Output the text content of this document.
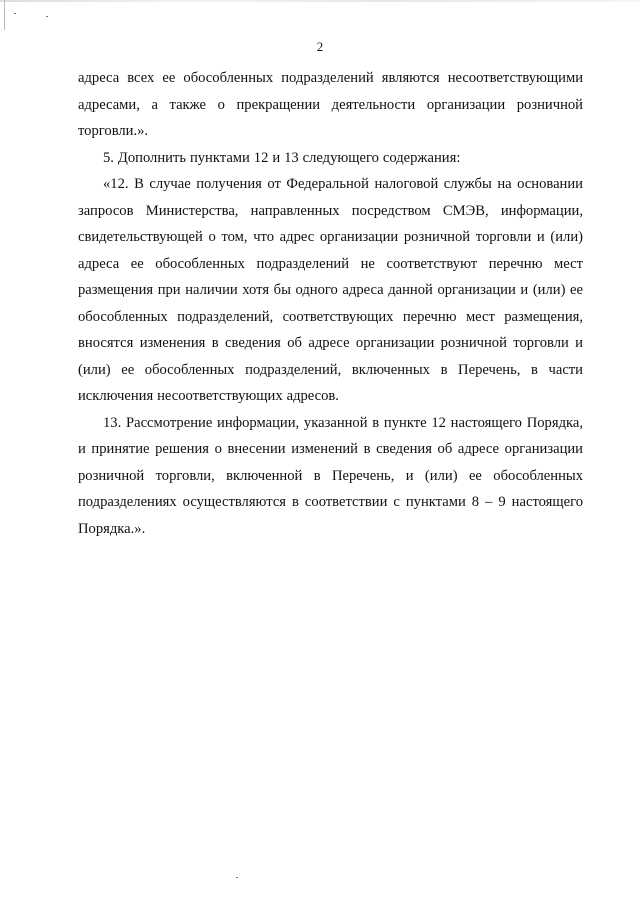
2

адреса всех ее обособленных подразделений являются несоответствующими адресами, а также о прекращении деятельности организации розничной торговли.».

5. Дополнить пунктами 12 и 13 следующего содержания:

«12. В случае получения от Федеральной налоговой службы на основании запросов Министерства, направленных посредством СМЭВ, информации, свидетельствующей о том, что адрес организации розничной торговли и (или) адреса ее обособленных подразделений не соответствуют перечню мест размещения при наличии хотя бы одного адреса данной организации и (или) ее обособленных подразделений, соответствующих перечню мест размещения, вносятся изменения в сведения об адресе организации розничной торговли и (или) ее обособленных подразделений, включенных в Перечень, в части исключения несоответствующих адресов.

13. Рассмотрение информации, указанной в пункте 12 настоящего Порядка, и принятие решения о внесении изменений в сведения об адресе организации розничной торговли, включенной в Перечень, и (или) ее обособленных подразделениях осуществляются в соответствии с пунктами 8 – 9 настоящего Порядка.».
